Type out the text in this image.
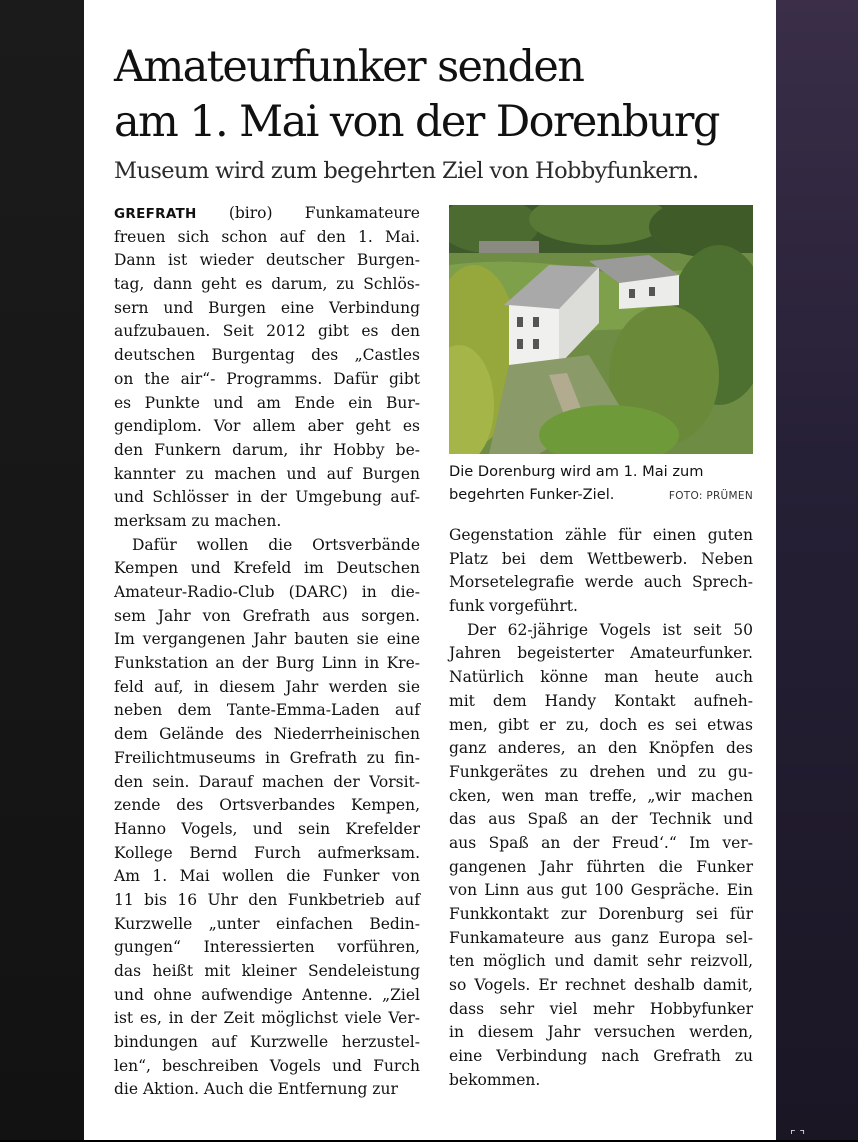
Amateurfunker senden
am 1. Mai von der Dorenburg

Museum wird zum begehrten Ziel von Hobbyfunkern.

GREFRATH (biro) Funkamateure
freuen sich schon auf den 1. Mai.
Dann ist wieder deutscher Burgen-
tag, dann geht es darum, zu Schlös-
sern und Burgen eine Verbindung
aufzubauen. Seit 2012 gibt es den
deutschen Burgentag des „Castles
on the air“- Programms. Dafür gibt
es Punkte und am Ende ein Bur-
gendiplom. Vor allem aber geht es
den Funkern darum, ihr Hobby be-
kannter zu machen und auf Burgen
und Schlösser in der Umgebung auf-
merksam zu machen.
Dafür wollen die Ortsverbände
Kempen und Krefeld im Deutschen
Amateur-Radio-Club (DARC) in die-
sem Jahr von Grefrath aus sorgen.
Im vergangenen Jahr bauten sie eine
Funkstation an der Burg Linn in Kre-
feld auf, in diesem Jahr werden sie
neben dem Tante-Emma-Laden auf
dem Gelände des Niederrheinischen
Freilichtmuseums in Grefrath zu fin-
den sein. Darauf machen der Vorsit-
zende des Ortsverbandes Kempen,
Hanno Vogels, und sein Krefelder
Kollege Bernd Furch aufmerksam.
Am 1. Mai wollen die Funker von
11 bis 16 Uhr den Funkbetrieb auf
Kurzwelle „unter einfachen Bedin-
gungen“ Interessierten vorführen,
das heißt mit kleiner Sendeleistung
und ohne aufwendige Antenne. „Ziel
ist es, in der Zeit möglichst viele Ver-
bindungen auf Kurzwelle herzustel-
len“, beschreiben Vogels und Furch
die Aktion. Auch die Entfernung zur
Die Dorenburg wird am 1. Mai zum
begehrten Funker-Ziel.	FOTO: PRÜMEN
Gegenstation zähle für einen guten
Platz bei dem Wettbewerb. Neben
Morsetelegrafie werde auch Sprech-
funk vorgeführt.
Der 62-jährige Vogels ist seit 50
Jahren begeisterter Amateurfunker.
Natürlich könne man heute auch
mit dem Handy Kontakt aufneh-
men, gibt er zu, doch es sei etwas
ganz anderes, an den Knöpfen des
Funkgerätes zu drehen und zu gu-
cken, wen man treffe, „wir machen
das aus Spaß an der Technik und
aus Spaß an der Freud‘.“ Im ver-
gangenen Jahr führten die Funker
von Linn aus gut 100 Gespräche. Ein
Funkkontakt zur Dorenburg sei für
Funkamateure aus ganz Europa sel-
ten möglich und damit sehr reizvoll,
so Vogels. Er rechnet deshalb damit,
dass sehr viel mehr Hobbyfunker
in diesem Jahr versuchen werden,
eine Verbindung nach Grefrath zu
bekommen.
⌜ ⌝
